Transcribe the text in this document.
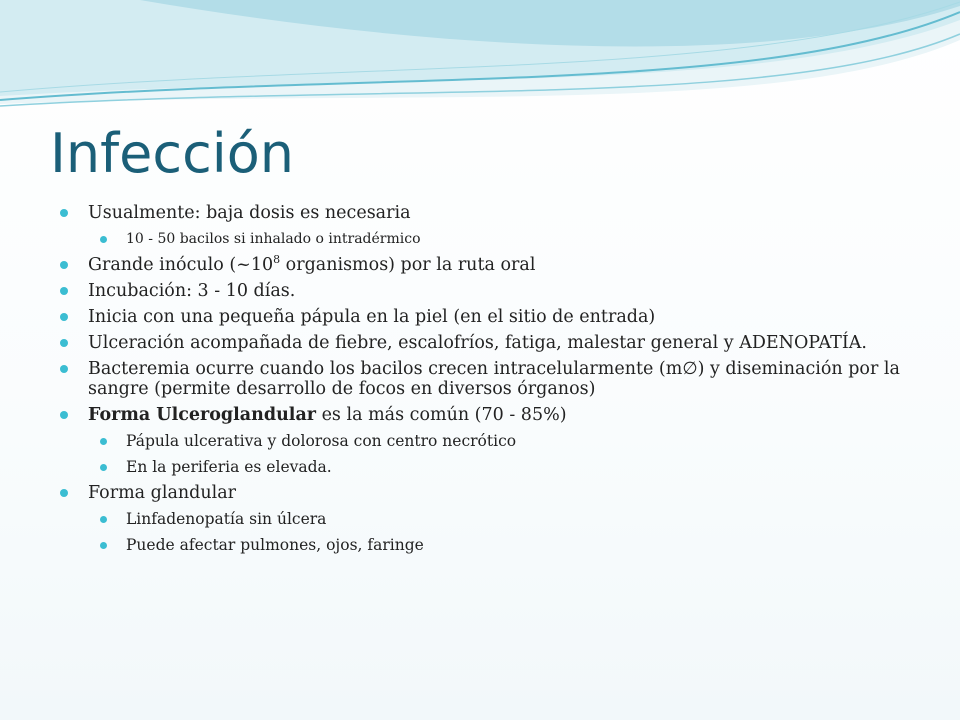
Infección
Usualmente: baja dosis es necesaria
10 - 50 bacilos si inhalado o intradérmico
Grande inóculo ($\sim 10^8$ organismos) por la ruta oral
Incubación: 3 - 10 días.
Inicia con una pequeña pápula en la piel (en el sitio de entrada)
Ulceración acompañada de fiebre, escalofríos, fatiga, malestar general y ADENOPATÍA.
Bacteremia ocurre cuando los bacilos crecen intracelularmente (m∅) y diseminación por la sangre (permite desarrollo de focos en diversos órganos)
Forma Ulceroglandular es la más común (70 - 85%)
Pápula ulcerativa y dolorosa con centro necrótico
En la periferia es elevada.
Forma glandular
Linfadenopatía sin úlcera
Puede afectar pulmones, ojos, faringe
